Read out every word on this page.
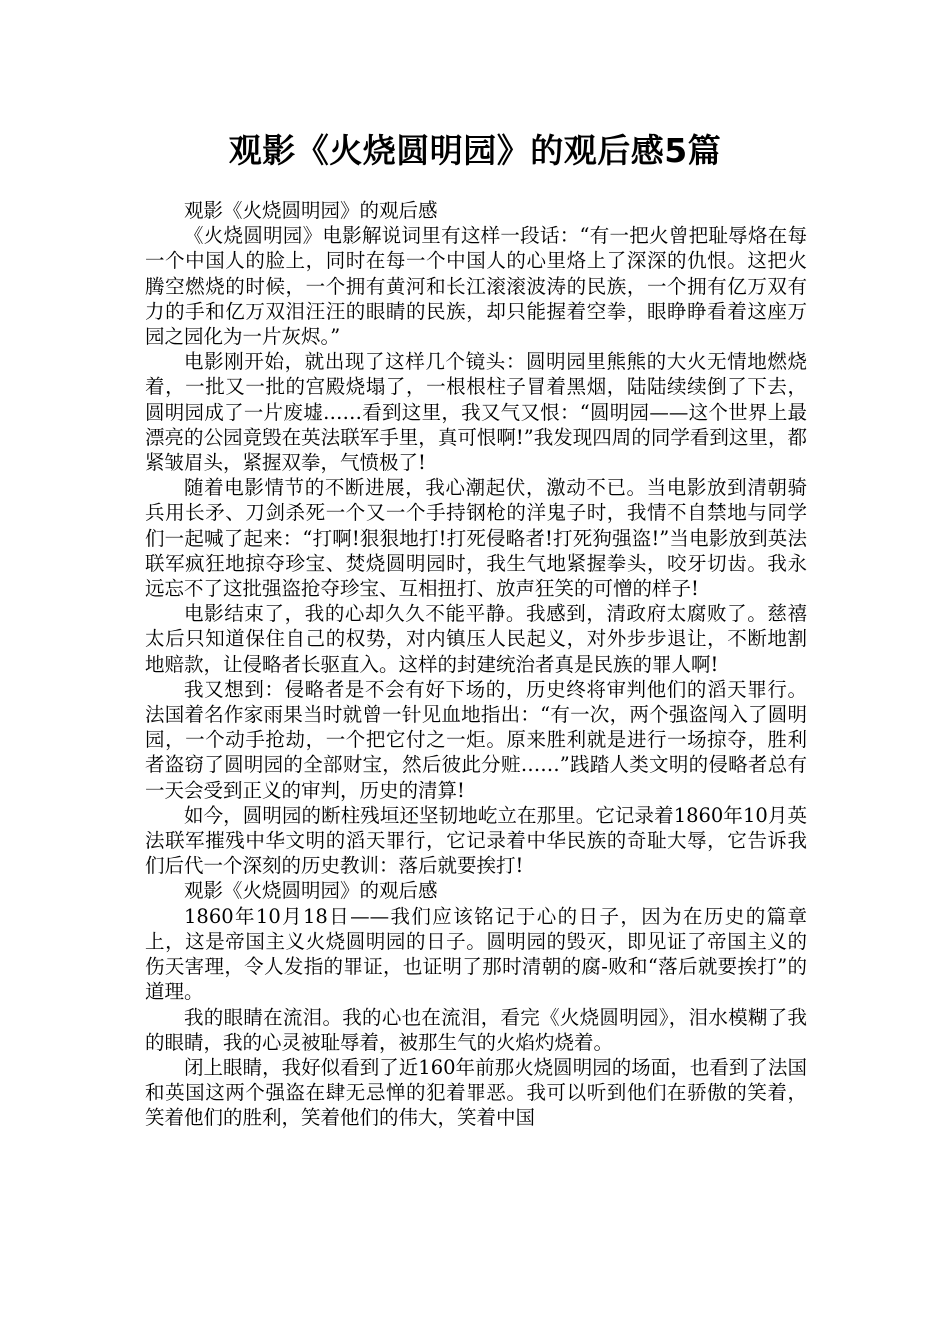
观影《火烧圆明园》的观后感5篇

观影《火烧圆明园》的观后感

《火烧圆明园》电影解说词里有这样一段话：“有一把火曾把耻辱烙在每一个中国人的脸上，同时在每一个中国人的心里烙上了深深的仇恨。这把火腾空燃烧的时候，一个拥有黄河和长江滚滚波涛的民族，一个拥有亿万双有力的手和亿万双泪汪汪的眼睛的民族，却只能握着空拳，眼睁睁看着这座万园之园化为一片灰烬。”

电影刚开始，就出现了这样几个镜头：圆明园里熊熊的大火无情地燃烧着，一批又一批的宫殿烧塌了，一根根柱子冒着黑烟，陆陆续续倒了下去，圆明园成了一片废墟……看到这里，我又气又恨：“圆明园——这个世界上最漂亮的公园竟毁在英法联军手里，真可恨啊!”我发现四周的同学看到这里，都紧皱眉头，紧握双拳，气愤极了!

随着电影情节的不断进展，我心潮起伏，激动不已。当电影放到清朝骑兵用长矛、刀剑杀死一个又一个手持钢枪的洋鬼子时，我情不自禁地与同学们一起喊了起来：“打啊!狠狠地打!打死侵略者!打死狗强盗!”当电影放到英法联军疯狂地掠夺珍宝、焚烧圆明园时，我生气地紧握拳头，咬牙切齿。我永远忘不了这批强盗抢夺珍宝、互相扭打、放声狂笑的可憎的样子!

电影结束了，我的心却久久不能平静。我感到，清政府太腐败了。慈禧太后只知道保住自己的权势，对内镇压人民起义，对外步步退让，不断地割地赔款，让侵略者长驱直入。这样的封建统治者真是民族的罪人啊!

我又想到：侵略者是不会有好下场的，历史终将审判他们的滔天罪行。法国着名作家雨果当时就曾一针见血地指出：“有一次，两个强盗闯入了圆明园，一个动手抢劫，一个把它付之一炬。原来胜利就是进行一场掠夺，胜利者盗窃了圆明园的全部财宝，然后彼此分赃……”践踏人类文明的侵略者总有一天会受到正义的审判，历史的清算!

如今，圆明园的断柱残垣还坚韧地屹立在那里。它记录着1860年10月英法联军摧残中华文明的滔天罪行，它记录着中华民族的奇耻大辱，它告诉我们后代一个深刻的历史教训：落后就要挨打!

观影《火烧圆明园》的观后感

1860年10月18日——我们应该铭记于心的日子，因为在历史的篇章上，这是帝国主义火烧圆明园的日子。圆明园的毁灭，即见证了帝国主义的伤天害理，令人发指的罪证，也证明了那时清朝的腐-败和“落后就要挨打”的道理。

我的眼睛在流泪。我的心也在流泪，看完《火烧圆明园》，泪水模糊了我的眼睛，我的心灵被耻辱着，被那生气的火焰灼烧着。

闭上眼睛，我好似看到了近160年前那火烧圆明园的场面，也看到了法国和英国这两个强盗在肆无忌惮的犯着罪恶。我可以听到他们在骄傲的笑着，笑着他们的胜利，笑着他们的伟大，笑着中国
